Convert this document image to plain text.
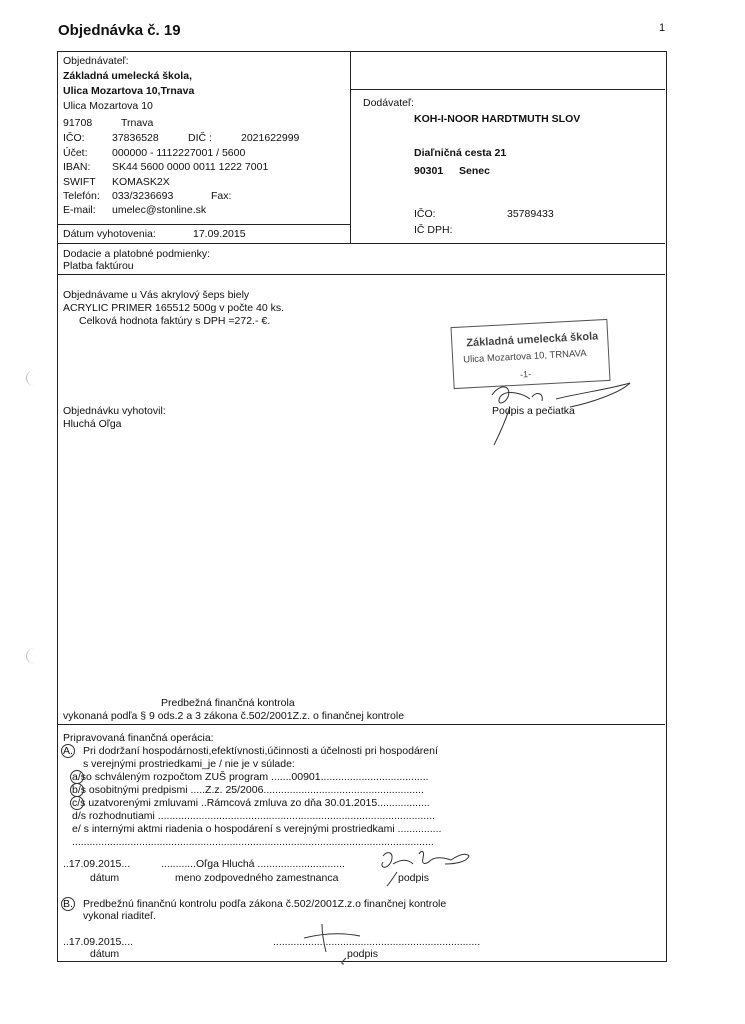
Objednávka č. 19	1
Objednávateľ:
Základná umelecká škola,
Ulica Mozartova 10,Trnava
Ulica Mozartova 10
91708	Trnava
IČO:	37836528	DIČ :	2021622999
Účet: 000000 - 1112227001 / 5600
IBAN: SK44 5600 0000 0011 1222 7001
SWIFT KOMASK2X
Telefón: 033/3236693	Fax:
E-mail: umelec@stonline.sk
Dátum vyhotovenia:	17.09.2015
Dodávateľ:
KOH-I-NOOR HARDTMUTH SLOV
Diaľničná cesta 21
90301 Senec
IČO:	35789433
IČ DPH:
Dodacie a platobné podmienky:
Platba faktúrou
Objednávame u Vás akrylový šeps biely
ACRYLIC PRIMER 165512 500g v počte 40 ks.
Celková hodnota faktúry s DPH =272.- €.
Objednávku vyhotovil:
Hluchá Oľga
Podpis a pečiatka
Základná umelecká škola
Ulica Mozartova 10, TRNAVA
-1-
Predbežná finančná kontrola
vykonaná podľa § 9 ods.2 a 3 zákona č.502/2001Z.z. o finančnej kontrole
Pripravovaná finančná operácia:
A. Pri dodržaní hospodárnosti,efektívnosti,účinnosti a účelnosti pri hospodárení
s verejnými prostriedkami_je / nie je v súlade:
a/so schváleným rozpočtom ZUŠ program .......00901.....................................
b/s osobitnými predpismi .....Z.z. 25/2006.......................................................
c/s uzatvorenými zmluvami ..Rámcová zmluva zo dňa 30.01.2015..................
d/s rozhodnutiami ...............................................................................................
e/ s internými aktmi riadenia o hospodárení s verejnými prostriedkami ...............
............................................................................................................................
..17.09.2015...	............Oľga Hluchá ..............................
dátum	meno zodpovedného zamestnanca	podpis
B. Predbežnú finančnú kontrolu podľa zákona č.502/2001Z.z.o finančnej kontrole
vykonal riaditeľ.
..17.09.2015....	.......................................................................
dátum	podpis
